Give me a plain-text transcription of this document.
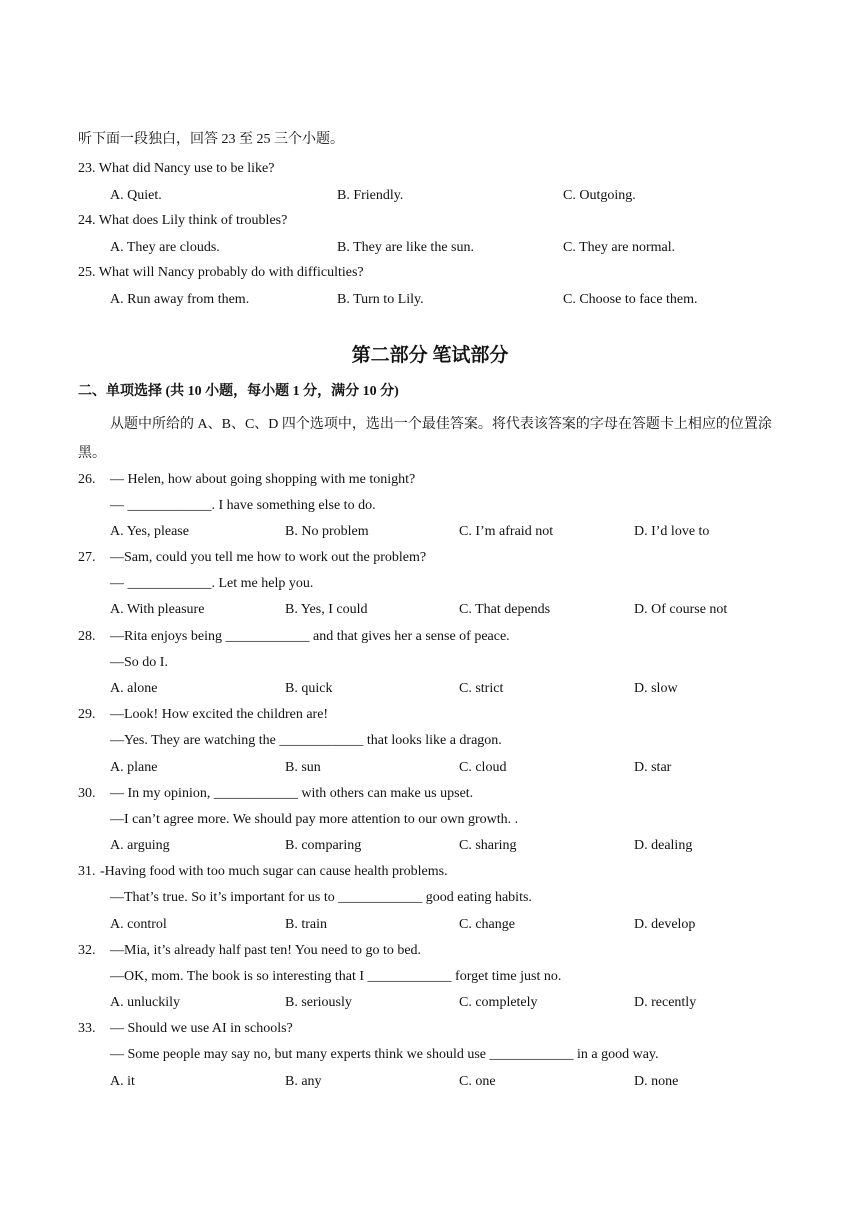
听下面一段独白，回答 23 至 25 三个小题。
23. What did Nancy use to be like?
A. Quiet.	B. Friendly.	C. Outgoing.
24. What does Lily think of troubles?
A. They are clouds.	B. They are like the sun.	C. They are normal.
25. What will Nancy probably do with difficulties?
A. Run away from them.	B. Turn to Lily.	C. Choose to face them.
第二部分 笔试部分
二、单项选择 (共 10 小题，每小题 1 分，满分 10 分)
从题中所给的 A、B、C、D 四个选项中，选出一个最佳答案。将代表该答案的字母在答题卡上相应的位置涂黑。
26. — Helen, how about going shopping with me tonight?
— ____________. I have something else to do.
A. Yes, please	B. No problem	C. I’m afraid not	D. I’d love to
27. —Sam, could you tell me how to work out the problem?
— ____________. Let me help you.
A. With pleasure	B. Yes, I could	C. That depends	D. Of course not
28. —Rita enjoys being ____________ and that gives her a sense of peace.
—So do I.
A. alone	B. quick	C. strict	D. slow
29. —Look! How excited the children are!
—Yes. They are watching the ____________ that looks like a dragon.
A. plane	B. sun	C. cloud	D. star
30. — In my opinion, ____________ with others can make us upset.
—I can’t agree more. We should pay more attention to our own growth. .
A. arguing	B. comparing	C. sharing	D. dealing
31. -Having food with too much sugar can cause health problems.
—That’s true. So it’s important for us to ____________ good eating habits.
A. control	B. train	C. change	D. develop
32. —Mia, it’s already half past ten! You need to go to bed.
—OK, mom. The book is so interesting that I ____________ forget time just no.
A. unluckily	B. seriously	C. completely	D. recently
33. — Should we use AI in schools?
— Some people may say no, but many experts think we should use ____________ in a good way.
A. it	B. any	C. one	D. none
